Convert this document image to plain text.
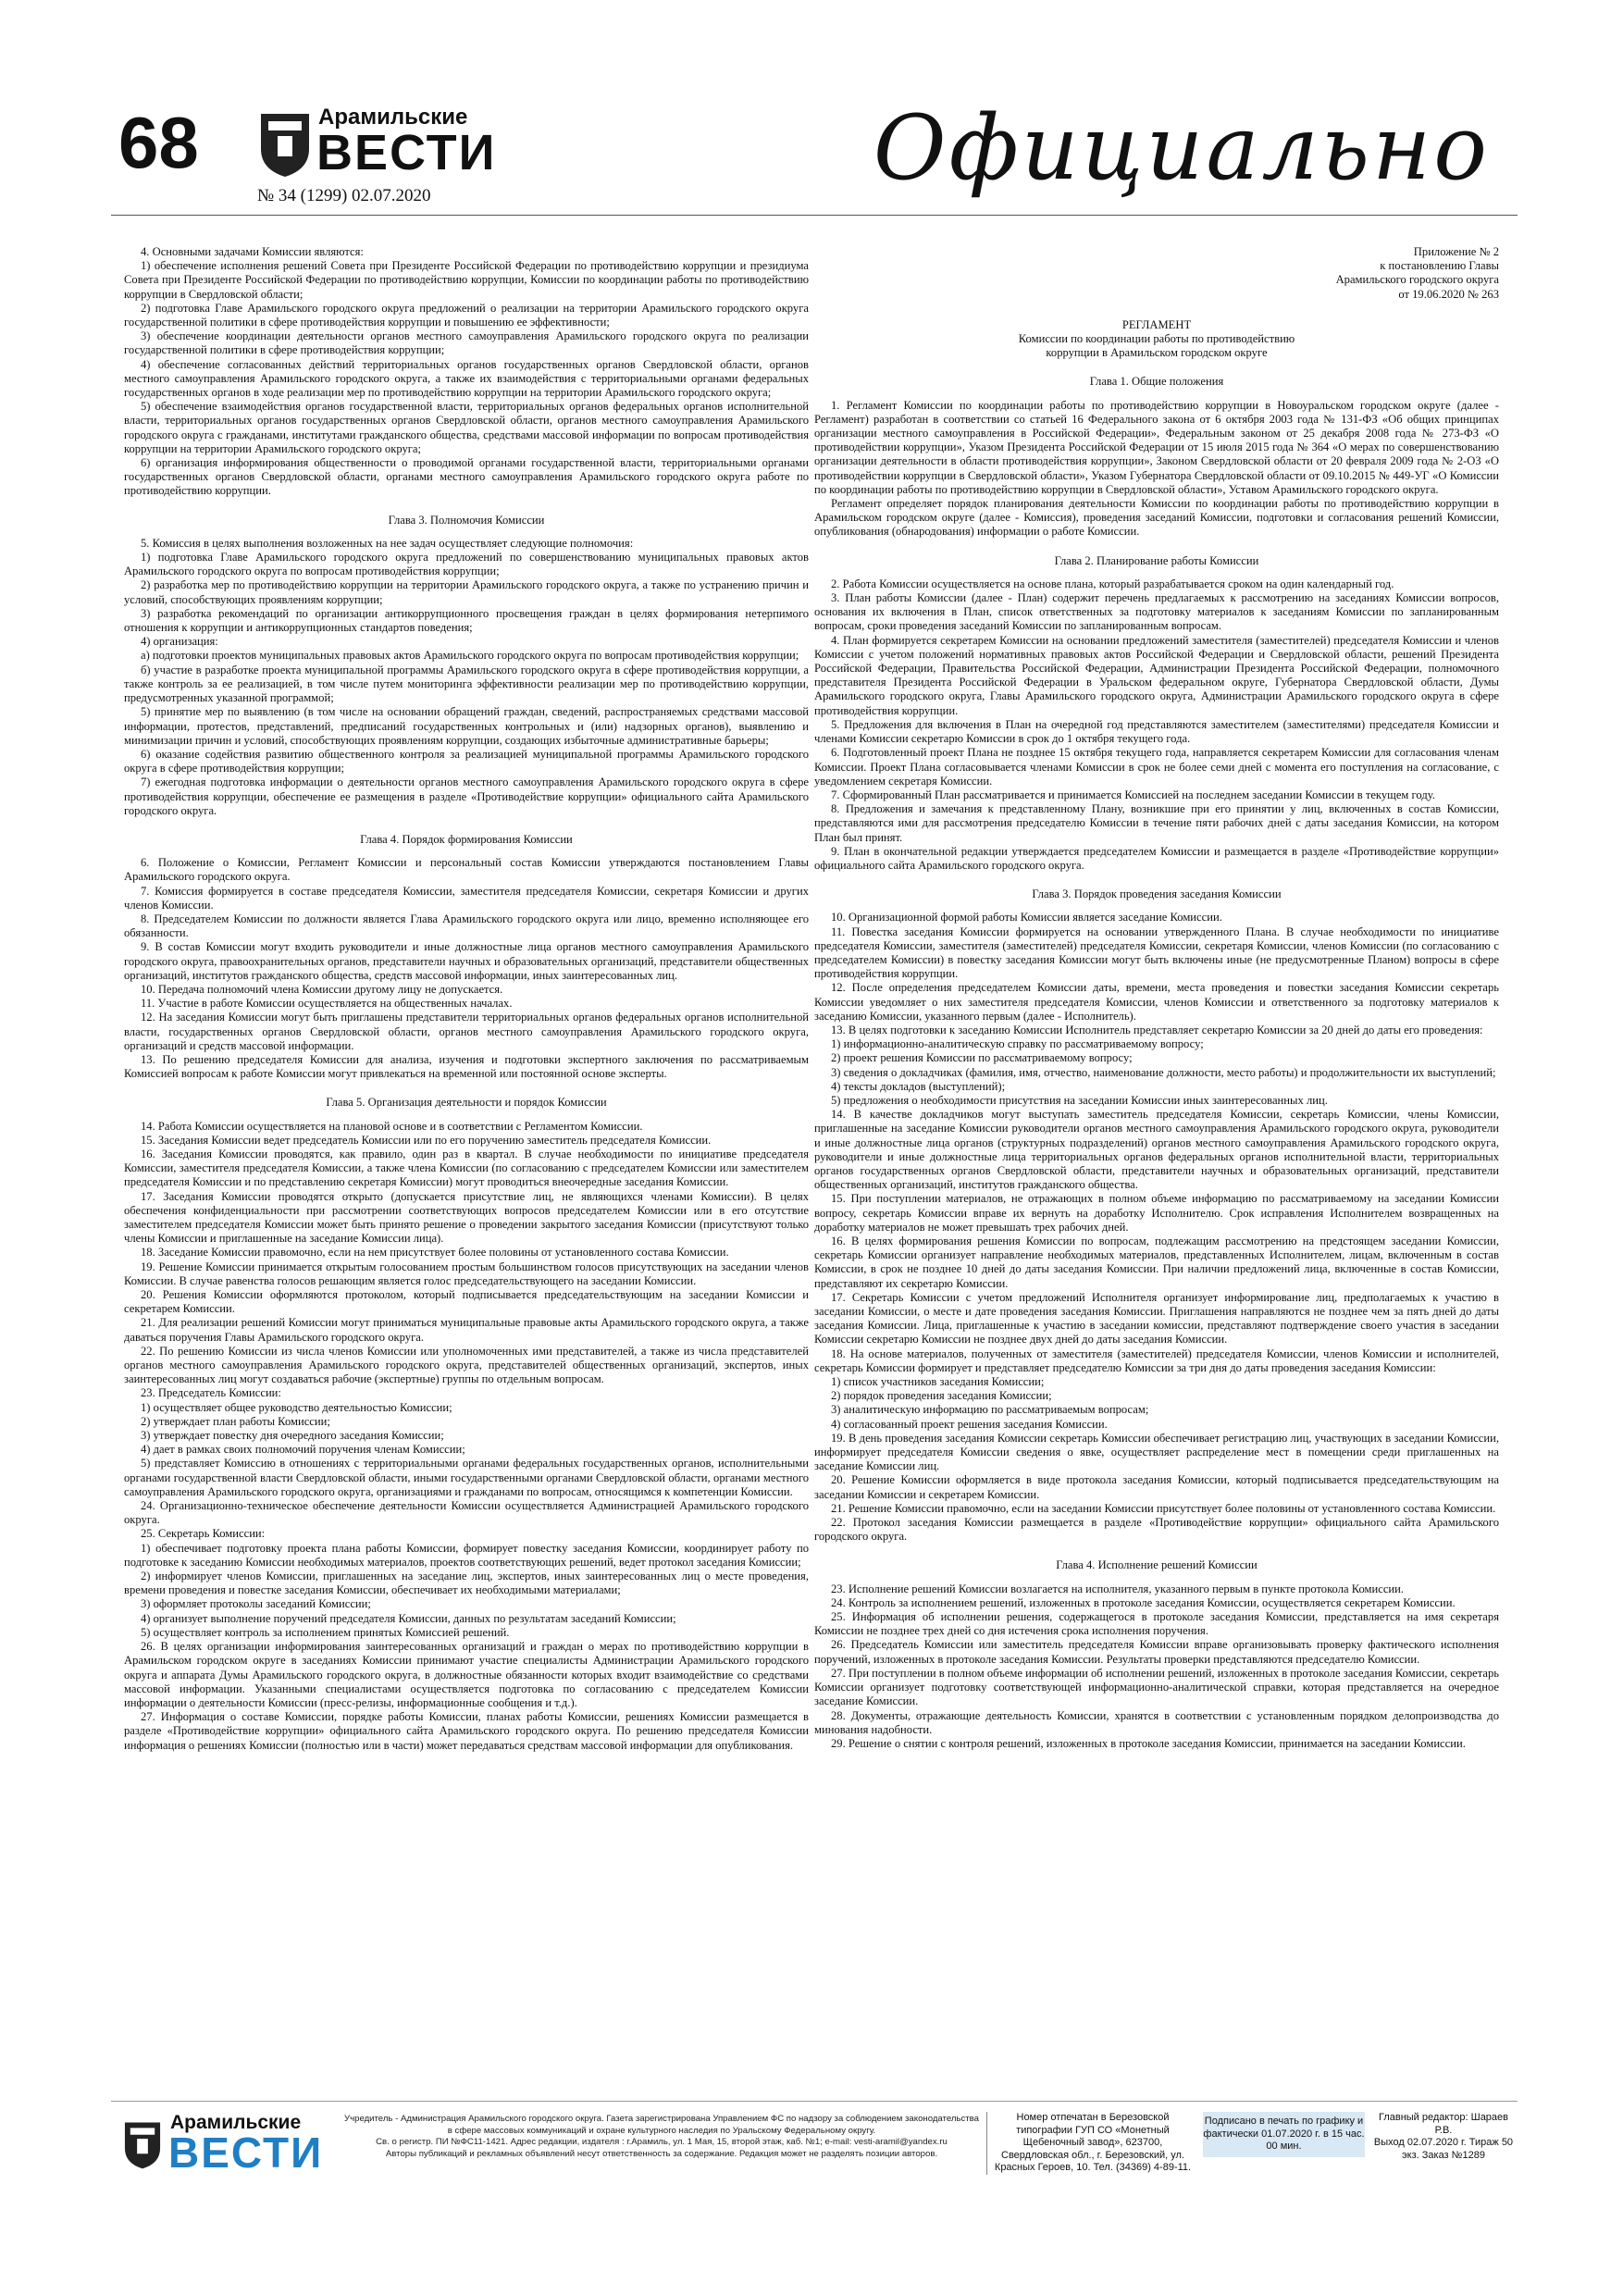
68	Арамильские
ВЕСТИ
№ 34 (1299) 02.07.2020	Официально

4. Основными задачами Комиссии являются:

1) обеспечение исполнения решений Совета при Президенте Российской Федерации по противодействию коррупции и президиума Совета при Президенте Российской Федерации по противодействию коррупции, Комиссии по координации работы по противодействию коррупции в Свердловской области;

2) подготовка Главе Арамильского городского округа предложений о реализации на территории Арамильского городского округа государственной политики в сфере противодействия коррупции и повышению ее эффективности;

3) обеспечение координации деятельности органов местного самоуправления Арамильского городского округа по реализации государственной политики в сфере противодействия коррупции;

4) обеспечение согласованных действий территориальных органов государственных органов Свердловской области, органов местного самоуправления Арамильского городского округа, а также их взаимодействия с территориальными органами федеральных государственных органов в ходе реализации мер по противодействию коррупции на территории Арамильского городского округа;

5) обеспечение взаимодействия органов государственной власти, территориальных органов федеральных органов исполнительной власти, территориальных органов государственных органов Свердловской области, органов местного самоуправления Арамильского городского округа с гражданами, институтами гражданского общества, средствами массовой информации по вопросам противодействия коррупции на территории Арамильского городского округа;

6) организация информирования общественности о проводимой органами государственной власти, территориальными органами государственных органов Свердловской области, органами местного самоуправления Арамильского городского округа работе по противодействию коррупции.

Глава 3. Полномочия Комиссии

5. Комиссия в целях выполнения возложенных на нее задач осуществляет следующие полномочия:

1) подготовка Главе Арамильского городского округа предложений по совершенствованию муниципальных правовых актов Арамильского городского округа по вопросам противодействия коррупции;

2) разработка мер по противодействию коррупции на территории Арамильского городского округа, а также по устранению причин и условий, способствующих проявлениям коррупции;

3) разработка рекомендаций по организации антикоррупционного просвещения граждан в целях формирования нетерпимого отношения к коррупции и антикоррупционных стандартов поведения;

4) организация:

а) подготовки проектов муниципальных правовых актов Арамильского городского округа по вопросам противодействия коррупции;

б) участие в разработке проекта муниципальной программы Арамильского городского округа в сфере противодействия коррупции, а также контроль за ее реализацией, в том числе путем мониторинга эффективности реализации мер по противодействию коррупции, предусмотренных указанной программой;

5) принятие мер по выявлению (в том числе на основании обращений граждан, сведений, распространяемых средствами массовой информации, протестов, представлений, предписаний государственных контрольных и (или) надзорных органов), выявлению и минимизации причин и условий, способствующих проявлениям коррупции, создающих избыточные административные барьеры;

6) оказание содействия развитию общественного контроля за реализацией муниципальной программы Арамильского городского округа в сфере противодействия коррупции;

7) ежегодная подготовка информации о деятельности органов местного самоуправления Арамильского городского округа в сфере противодействия коррупции, обеспечение ее размещения в разделе «Противодействие коррупции» официального сайта Арамильского городского округа.

Глава 4. Порядок формирования Комиссии

6. Положение о Комиссии, Регламент Комиссии и персональный состав Комиссии утверждаются постановлением Главы Арамильского городского округа.

7. Комиссия формируется в составе председателя Комиссии, заместителя председателя Комиссии, секретаря Комиссии и других членов Комиссии.

8. Председателем Комиссии по должности является Глава Арамильского городского округа или лицо, временно исполняющее его обязанности.

9. В состав Комиссии могут входить руководители и иные должностные лица органов местного самоуправления Арамильского городского округа, правоохранительных органов, представители научных и образовательных организаций, представители общественных организаций, институтов гражданского общества, средств массовой информации, иных заинтересованных лиц.

10. Передача полномочий члена Комиссии другому лицу не допускается.

11. Участие в работе Комиссии осуществляется на общественных началах.

12. На заседания Комиссии могут быть приглашены представители территориальных органов федеральных органов исполнительной власти, государственных органов Свердловской области, органов местного самоуправления Арамильского городского округа, организаций и средств массовой информации.

13. По решению председателя Комиссии для анализа, изучения и подготовки экспертного заключения по рассматриваемым Комиссией вопросам к работе Комиссии могут привлекаться на временной или постоянной основе эксперты.

Глава 5. Организация деятельности и порядок Комиссии

14. Работа Комиссии осуществляется на плановой основе и в соответствии с Регламентом Комиссии.

15. Заседания Комиссии ведет председатель Комиссии или по его поручению заместитель председателя Комиссии.

16. Заседания Комиссии проводятся, как правило, один раз в квартал. В случае необходимости по инициативе председателя Комиссии, заместителя председателя Комиссии, а также члена Комиссии (по согласованию с председателем Комиссии или заместителем председателя Комиссии и по представлению секретаря Комиссии) могут проводиться внеочередные заседания Комиссии.

17. Заседания Комиссии проводятся открыто (допускается присутствие лиц, не являющихся членами Комиссии). В целях обеспечения конфиденциальности при рассмотрении соответствующих вопросов председателем Комиссии или в его отсутствие заместителем председателя Комиссии может быть принято решение о проведении закрытого заседания Комиссии (присутствуют только члены Комиссии и приглашенные на заседание Комиссии лица).

18. Заседание Комиссии правомочно, если на нем присутствует более половины от установленного состава Комиссии.

19. Решение Комиссии принимается открытым голосованием простым большинством голосов присутствующих на заседании членов Комиссии. В случае равенства голосов решающим является голос председательствующего на заседании Комиссии.

20. Решения Комиссии оформляются протоколом, который подписывается председательствующим на заседании Комиссии и секретарем Комиссии.

21. Для реализации решений Комиссии могут приниматься муниципальные правовые акты Арамильского городского округа, а также даваться поручения Главы Арамильского городского округа.

22. По решению Комиссии из числа членов Комиссии или уполномоченных ими представителей, а также из числа представителей органов местного самоуправления Арамильского городского округа, представителей общественных организаций, экспертов, иных заинтересованных лиц могут создаваться рабочие (экспертные) группы по отдельным вопросам.

23. Председатель Комиссии:

1) осуществляет общее руководство деятельностью Комиссии;

2) утверждает план работы Комиссии;

3) утверждает повестку дня очередного заседания Комиссии;

4) дает в рамках своих полномочий поручения членам Комиссии;

5) представляет Комиссию в отношениях с территориальными органами федеральных государственных органов, исполнительными органами государственной власти Свердловской области, иными государственными органами Свердловской области, органами местного самоуправления Арамильского городского округа, организациями и гражданами по вопросам, относящимся к компетенции Комиссии.

24. Организационно-техническое обеспечение деятельности Комиссии осуществляется Администрацией Арамильского городского округа.

25. Секретарь Комиссии:

1) обеспечивает подготовку проекта плана работы Комиссии, формирует повестку заседания Комиссии, координирует работу по подготовке к заседанию Комиссии необходимых материалов, проектов соответствующих решений, ведет протокол заседания Комиссии;

2) информирует членов Комиссии, приглашенных на заседание лиц, экспертов, иных заинтересованных лиц о месте проведения, времени проведения и повестке заседания Комиссии, обеспечивает их необходимыми материалами;

3) оформляет протоколы заседаний Комиссии;

4) организует выполнение поручений председателя Комиссии, данных по результатам заседаний Комиссии;

5) осуществляет контроль за исполнением принятых Комиссией решений.

26. В целях организации информирования заинтересованных организаций и граждан о мерах по противодействию коррупции в Арамильском городском округе в заседаниях Комиссии принимают участие специалисты Администрации Арамильского городского округа и аппарата Думы Арамильского городского округа, в должностные обязанности которых входит взаимодействие со средствами массовой информации. Указанными специалистами осуществляется подготовка по согласованию с председателем Комиссии информации о деятельности Комиссии (пресс-релизы, информационные сообщения и т.д.).

27. Информация о составе Комиссии, порядке работы Комиссии, планах работы Комиссии, решениях Комиссии размещается в разделе «Противодействие коррупции» официального сайта Арамильского городского округа. По решению председателя Комиссии информация о решениях Комиссии (полностью или в части) может передаваться средствам массовой информации для опубликования.

Приложение № 2
к постановлению Главы
Арамильского городского округа
от 19.06.2020 № 263
РЕГЛАМЕНТ
Комиссии по координации работы по противодействию
коррупции в Арамильском городском округе

Глава 1. Общие положения

1. Регламент Комиссии по координации работы по противодействию коррупции в Новоуральском городском округе (далее - Регламент) разработан в соответствии со статьей 16 Федерального закона от 6 октября 2003 года № 131-ФЗ «Об общих принципах организации местного самоуправления в Российской Федерации», Федеральным законом от 25 декабря 2008 года № 273-ФЗ «О противодействии коррупции», Указом Президента Российской Федерации от 15 июля 2015 года № 364 «О мерах по совершенствованию организации деятельности в области противодействия коррупции», Законом Свердловской области от 20 февраля 2009 года № 2-ОЗ «О противодействии коррупции в Свердловской области», Указом Губернатора Свердловской области от 09.10.2015 № 449-УГ «О Комиссии по координации работы по противодействию коррупции в Свердловской области», Уставом Арамильского городского округа.

Регламент определяет порядок планирования деятельности Комиссии по координации работы по противодействию коррупции в Арамильском городском округе (далее - Комиссия), проведения заседаний Комиссии, подготовки и согласования решений Комиссии, опубликования (обнародования) информации о работе Комиссии.

Глава 2. Планирование работы Комиссии

2. Работа Комиссии осуществляется на основе плана, который разрабатывается сроком на один календарный год.

3. План работы Комиссии (далее - План) содержит перечень предлагаемых к рассмотрению на заседаниях Комиссии вопросов, основания их включения в План, список ответственных за подготовку материалов к заседаниям Комиссии по запланированным вопросам, сроки проведения заседаний Комиссии по запланированным вопросам.

4. План формируется секретарем Комиссии на основании предложений заместителя (заместителей) председателя Комиссии и членов Комиссии с учетом положений нормативных правовых актов Российской Федерации и Свердловской области, решений Президента Российской Федерации, Правительства Российской Федерации, Администрации Президента Российской Федерации, полномочного представителя Президента Российской Федерации в Уральском федеральном округе, Губернатора Свердловской области, Думы Арамильского городского округа, Главы Арамильского городского округа, Администрации Арамильского городского округа в сфере противодействия коррупции.

5. Предложения для включения в План на очередной год представляются заместителем (заместителями) председателя Комиссии и членами Комиссии секретарю Комиссии в срок до 1 октября текущего года.

6. Подготовленный проект Плана не позднее 15 октября текущего года, направляется секретарем Комиссии для согласования членам Комиссии. Проект Плана согласовывается членами Комиссии в срок не более семи дней с момента его поступления на согласование, с уведомлением секретаря Комиссии.

7. Сформированный План рассматривается и принимается Комиссией на последнем заседании Комиссии в текущем году.

8. Предложения и замечания к представленному Плану, возникшие при его принятии у лиц, включенных в состав Комиссии, представляются ими для рассмотрения председателю Комиссии в течение пяти рабочих дней с даты заседания Комиссии, на котором План был принят.

9. План в окончательной редакции утверждается председателем Комиссии и размещается в разделе «Противодействие коррупции» официального сайта Арамильского городского округа.

Глава 3. Порядок проведения заседания Комиссии

10. Организационной формой работы Комиссии является заседание Комиссии.

11. Повестка заседания Комиссии формируется на основании утвержденного Плана. В случае необходимости по инициативе председателя Комиссии, заместителя (заместителей) председателя Комиссии, секретаря Комиссии, членов Комиссии (по согласованию с председателем Комиссии) в повестку заседания Комиссии могут быть включены иные (не предусмотренные Планом) вопросы в сфере противодействия коррупции.

12. После определения председателем Комиссии даты, времени, места проведения и повестки заседания Комиссии секретарь Комиссии уведомляет о них заместителя председателя Комиссии, членов Комиссии и ответственного за подготовку материалов к заседанию Комиссии, указанного первым (далее - Исполнитель).

13. В целях подготовки к заседанию Комиссии Исполнитель представляет секретарю Комиссии за 20 дней до даты его проведения:

1) информационно-аналитическую справку по рассматриваемому вопросу;

2) проект решения Комиссии по рассматриваемому вопросу;

3) сведения о докладчиках (фамилия, имя, отчество, наименование должности, место работы) и продолжительности их выступлений;

4) тексты докладов (выступлений);

5) предложения о необходимости присутствия на заседании Комиссии иных заинтересованных лиц.

14. В качестве докладчиков могут выступать заместитель председателя Комиссии, секретарь Комиссии, члены Комиссии, приглашенные на заседание Комиссии руководители органов местного самоуправления Арамильского городского округа, руководители и иные должностные лица органов (структурных подразделений) органов местного самоуправления Арамильского городского округа, руководители и иные должностные лица территориальных органов федеральных органов исполнительной власти, территориальных органов государственных органов Свердловской области, представители научных и образовательных организаций, представители общественных организаций, институтов гражданского общества.

15. При поступлении материалов, не отражающих в полном объеме информацию по рассматриваемому на заседании Комиссии вопросу, секретарь Комиссии вправе их вернуть на доработку Исполнителю. Срок исправления Исполнителем возвращенных на доработку материалов не может превышать трех рабочих дней.

16. В целях формирования решения Комиссии по вопросам, подлежащим рассмотрению на предстоящем заседании Комиссии, секретарь Комиссии организует направление необходимых материалов, представленных Исполнителем, лицам, включенным в состав Комиссии, в срок не позднее 10 дней до даты заседания Комиссии. При наличии предложений лица, включенные в состав Комиссии, представляют их секретарю Комиссии.

17. Секретарь Комиссии с учетом предложений Исполнителя организует информирование лиц, предполагаемых к участию в заседании Комиссии, о месте и дате проведения заседания Комиссии. Приглашения направляются не позднее чем за пять дней до даты заседания Комиссии. Лица, приглашенные к участию в заседании комиссии, представляют подтверждение своего участия в заседании Комиссии секретарю Комиссии не позднее двух дней до даты заседания Комиссии.

18. На основе материалов, полученных от заместителя (заместителей) председателя Комиссии, членов Комиссии и исполнителей, секретарь Комиссии формирует и представляет председателю Комиссии за три дня до даты проведения заседания Комиссии:

1) список участников заседания Комиссии;

2) порядок проведения заседания Комиссии;

3) аналитическую информацию по рассматриваемым вопросам;

4) согласованный проект решения заседания Комиссии.

19. В день проведения заседания Комиссии секретарь Комиссии обеспечивает регистрацию лиц, участвующих в заседании Комиссии, информирует председателя Комиссии сведения о явке, осуществляет распределение мест в помещении среди приглашенных на заседание Комиссии лиц.

20. Решение Комиссии оформляется в виде протокола заседания Комиссии, который подписывается председательствующим на заседании Комиссии и секретарем Комиссии.

21. Решение Комиссии правомочно, если на заседании Комиссии присутствует более половины от установленного состава Комиссии.

22. Протокол заседания Комиссии размещается в разделе «Противодействие коррупции» официального сайта Арамильского городского округа.

Глава 4. Исполнение решений Комиссии

23. Исполнение решений Комиссии возлагается на исполнителя, указанного первым в пункте протокола Комиссии.

24. Контроль за исполнением решений, изложенных в протоколе заседания Комиссии, осуществляется секретарем Комиссии.

25. Информация об исполнении решения, содержащегося в протоколе заседания Комиссии, представляется на имя секретаря Комиссии не позднее трех дней со дня истечения срока исполнения поручения.

26. Председатель Комиссии или заместитель председателя Комиссии вправе организовывать проверку фактического исполнения поручений, изложенных в протоколе заседания Комиссии. Результаты проверки представляются председателю Комиссии.

27. При поступлении в полном объеме информации об исполнении решений, изложенных в протоколе заседания Комиссии, секретарь Комиссии организует подготовку соответствующей информационно-аналитической справки, которая представляется на очередное заседание Комиссии.

28. Документы, отражающие деятельность Комиссии, хранятся в соответствии с установленным порядком делопроизводства до минования надобности.

29. Решение о снятии с контроля решений, изложенных в протоколе заседания Комиссии, принимается на заседании Комиссии.

Арамильские
ВЕСТИ
Учредитель - Администрация Арамильского городского округа. Газета зарегистрирована Управлением ФС по надзору за соблюдением законодательства в сфере массовых коммуникаций и охране культурного наследия по Уральскому Федеральному округу.
Св. о регистр. ПИ №ФС11-1421. Адрес редакции, издателя : г.Арамиль, ул. 1 Мая, 15, второй этаж, каб. №1; e-mail: vesti-aramil@yandex.ru
Авторы публикаций и рекламных объявлений несут ответственность за содержание. Редакция может не разделять позиции авторов.
Номер отпечатан в Березовской типографии ГУП СО «Монетный Щебеночный завод», 623700, Свердловская обл., г. Березовский, ул. Красных Героев, 10. Тел. (34369) 4-89-11.
Подписано в печать по графику и фактически 01.07.2020 г. в 15 час. 00 мин.
Главный редактор: Шараев Р.В.
Выход 02.07.2020 г. Тираж 50 экз. Заказ №1289
